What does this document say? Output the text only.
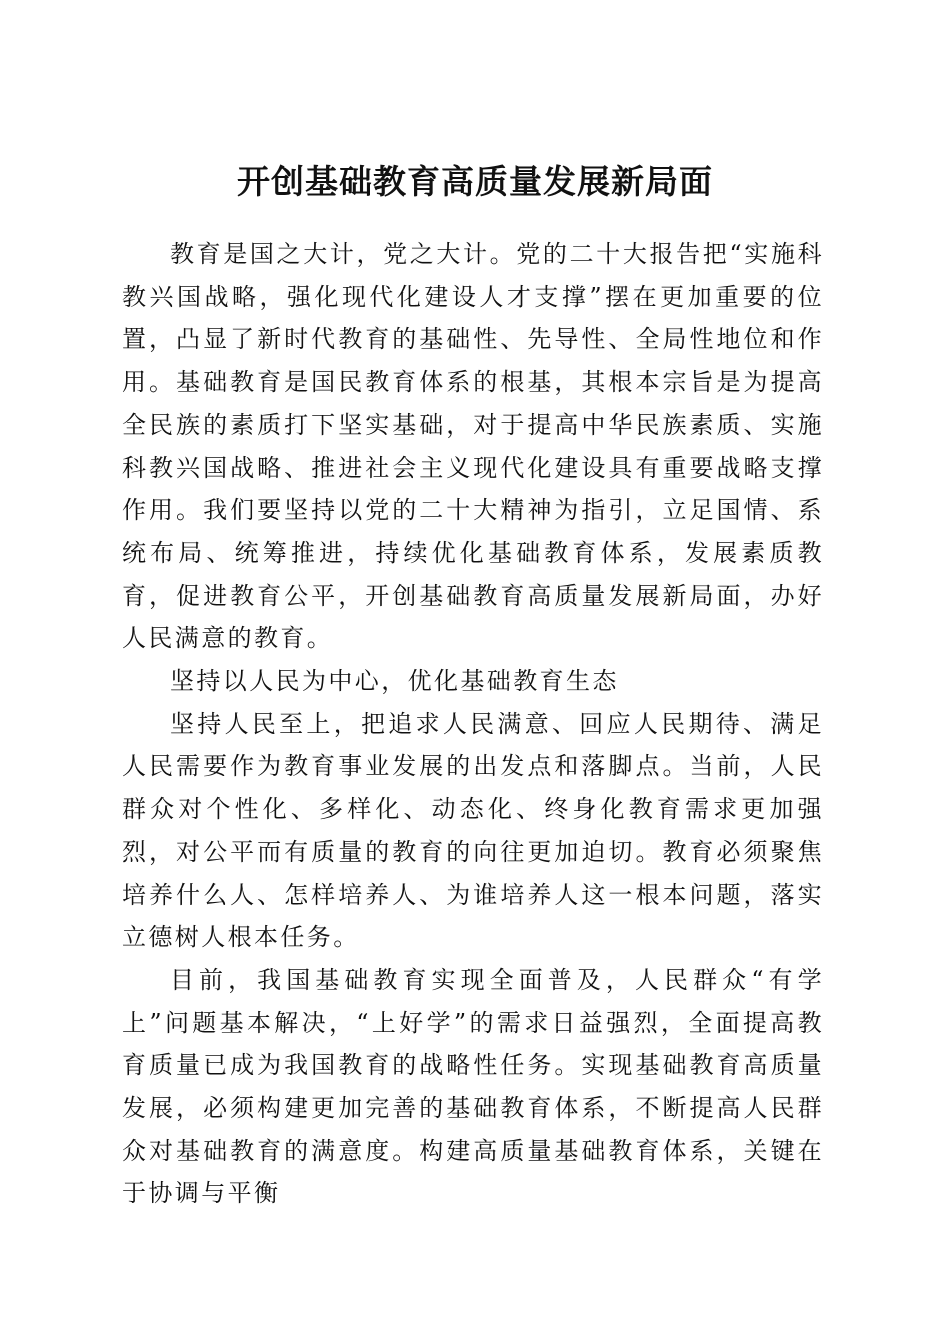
开创基础教育高质量发展新局面

教育是国之大计，党之大计。党的二十大报告把“实施科教兴国战略，强化现代化建设人才支撑”摆在更加重要的位置，凸显了新时代教育的基础性、先导性、全局性地位和作用。基础教育是国民教育体系的根基，其根本宗旨是为提高全民族的素质打下坚实基础，对于提高中华民族素质、实施科教兴国战略、推进社会主义现代化建设具有重要战略支撑作用。我们要坚持以党的二十大精神为指引，立足国情、系统布局、统筹推进，持续优化基础教育体系，发展素质教育，促进教育公平，开创基础教育高质量发展新局面，办好人民满意的教育。

坚持以人民为中心，优化基础教育生态

坚持人民至上，把追求人民满意、回应人民期待、满足人民需要作为教育事业发展的出发点和落脚点。当前，人民群众对个性化、多样化、动态化、终身化教育需求更加强烈，对公平而有质量的教育的向往更加迫切。教育必须聚焦培养什么人、怎样培养人、为谁培养人这一根本问题，落实立德树人根本任务。

目前，我国基础教育实现全面普及，人民群众“有学上”问题基本解决，“上好学”的需求日益强烈，全面提高教育质量已成为我国教育的战略性任务。实现基础教育高质量发展，必须构建更加完善的基础教育体系，不断提高人民群众对基础教育的满意度。构建高质量基础教育体系，关键在于协调与平衡
